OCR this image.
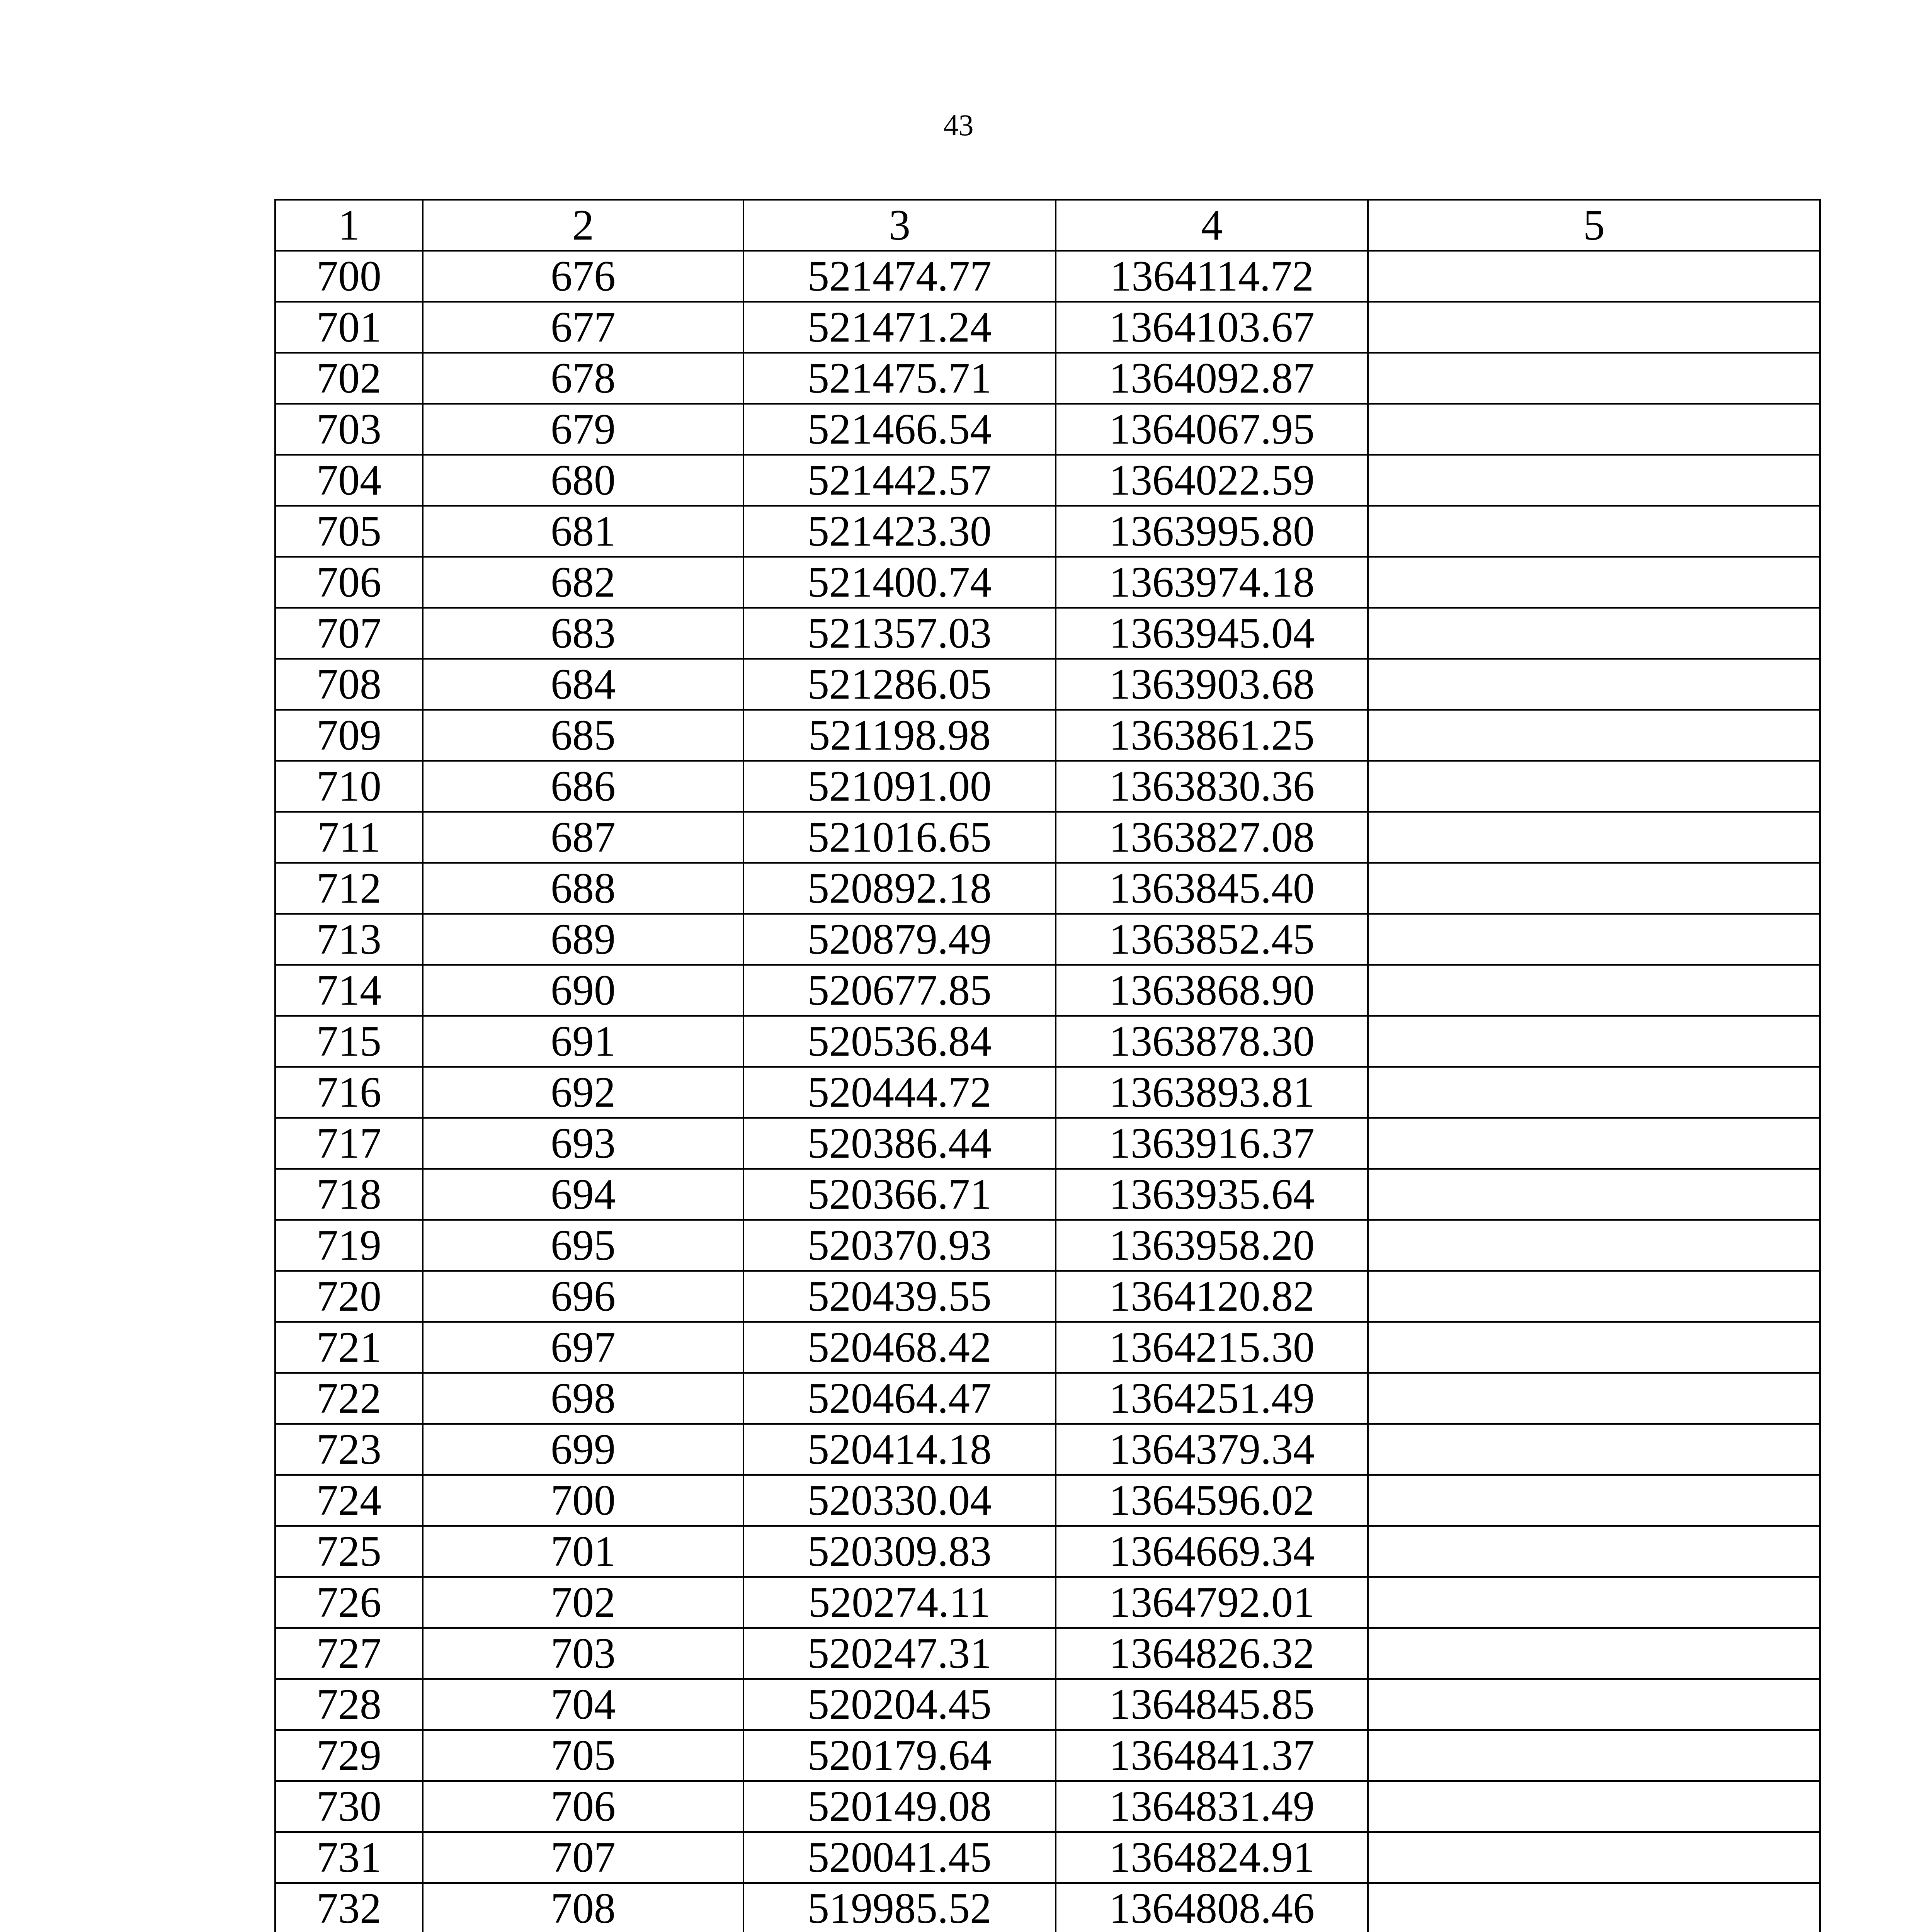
43
1	2	3	4	5
700	676	521474.77	1364114.72	
701	677	521471.24	1364103.67	
702	678	521475.71	1364092.87	
703	679	521466.54	1364067.95	
704	680	521442.57	1364022.59	
705	681	521423.30	1363995.80	
706	682	521400.74	1363974.18	
707	683	521357.03	1363945.04	
708	684	521286.05	1363903.68	
709	685	521198.98	1363861.25	
710	686	521091.00	1363830.36	
711	687	521016.65	1363827.08	
712	688	520892.18	1363845.40	
713	689	520879.49	1363852.45	
714	690	520677.85	1363868.90	
715	691	520536.84	1363878.30	
716	692	520444.72	1363893.81	
717	693	520386.44	1363916.37	
718	694	520366.71	1363935.64	
719	695	520370.93	1363958.20	
720	696	520439.55	1364120.82	
721	697	520468.42	1364215.30	
722	698	520464.47	1364251.49	
723	699	520414.18	1364379.34	
724	700	520330.04	1364596.02	
725	701	520309.83	1364669.34	
726	702	520274.11	1364792.01	
727	703	520247.31	1364826.32	
728	704	520204.45	1364845.85	
729	705	520179.64	1364841.37	
730	706	520149.08	1364831.49	
731	707	520041.45	1364824.91	
732	708	519985.52	1364808.46	
